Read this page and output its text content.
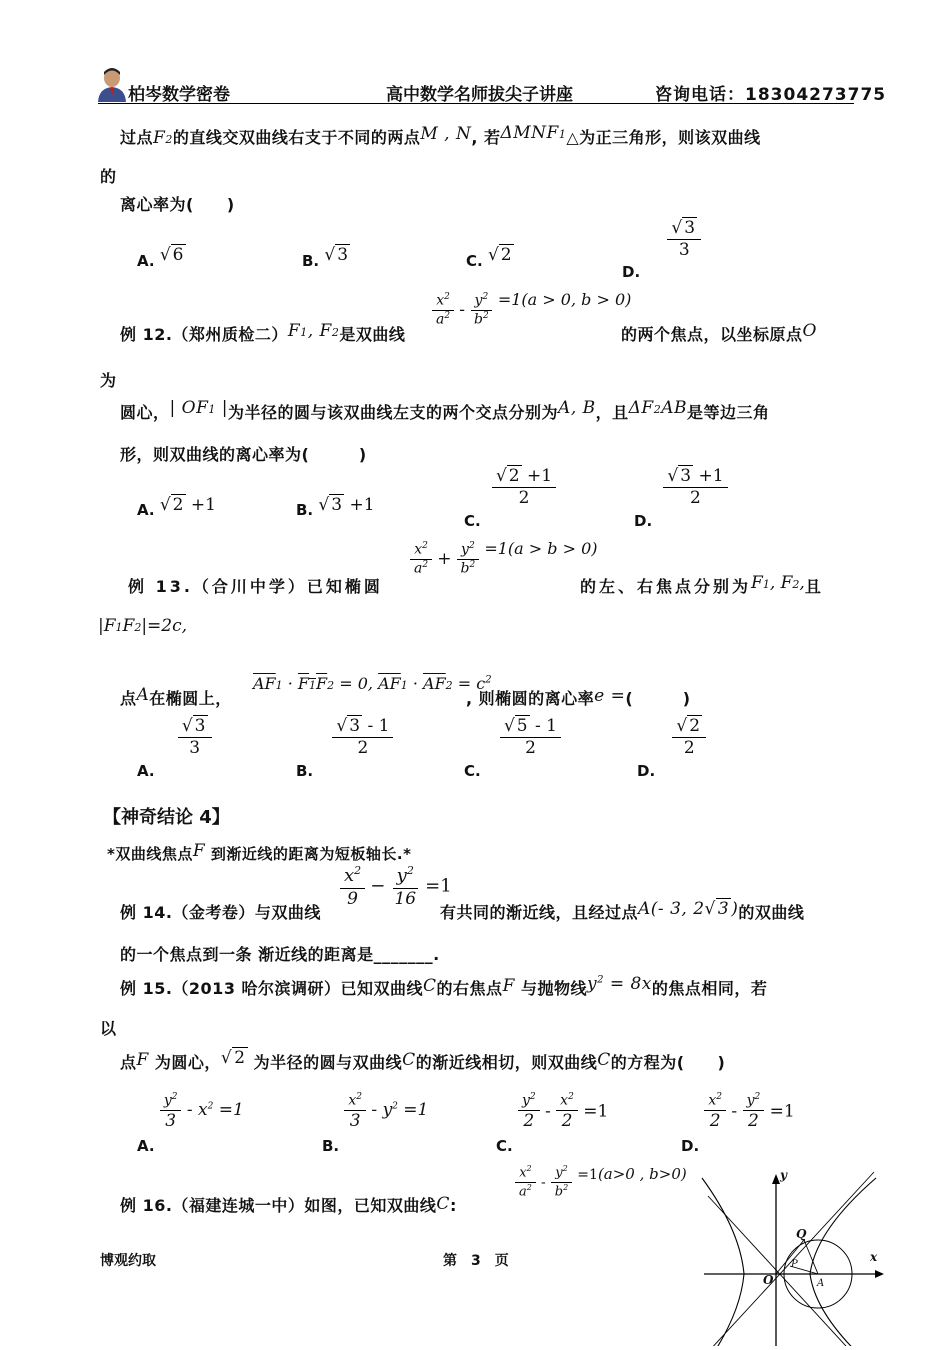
柏岑数学密卷	高中数学名师拔尖子讲座	咨询电话：18304273775
过点F2的直线交双曲线右支于不同的两点M , N, 若ΔMNF$^1$△为正三角形，则该双曲线
的
离心率为(　　)
A. √ 6	B. √ 3	C. √ 2
D.
$\frac{√ 3}{3}$
例 12.（郑州质检二）F1, F2是双曲线
$\frac{x^2}{a^2} - \frac{y^2}{b^2} =1(a > 0$, b > 0)
的两个焦点，以坐标原点O
为
圆心，| OF1 |为半径的圆与该双曲线左支的两个交点分别为A, B，且ΔF2AB是等边三角
形，则双曲线的离心率为(　　　)
A. √ 2 +1	B. √ 3 +1
C.
$\frac{√ 2 +1}{2}$
D.
$\frac{√ 3 +1}{2}$
例 13.（合川中学）已知椭圆
$\frac{x^2}{a^2} + \frac{y^2}{b^2} =1(a > b > 0)$
的左、右焦点分别为F1, F2,且
|F1F2|=2c,
点A在椭圆上，
$\overline{AF}1 \cdot F1F2 = 0$, $\overline{AF}1 \cdot \overline{AF}2 = c^2$
, 则椭圆的离心率e =(　　　)
A.
$\frac{√ 3}{3}$
B.
$\frac{√ 3 - 1}{2}$
C.
$\frac{√ 5 - 1}{2}$
D.
$\frac{√ 2}{2}$
【神奇结论 4】
*双曲线焦点F 到渐近线的距离为短板轴长.*
例 14.（金考卷）与双曲线
$\frac{x^2}{9} - \frac{y^2}{16} =1$
有共同的渐近线，且经过点A(- 3, 2√ 3 )的双曲线
的一个焦点到一条 渐近线的距离是_______.
例 15.（2013 哈尔滨调研）已知双曲线C的右焦点F 与抛物线$y^2 = 8x$的焦点相同，若
以
点F 为圆心，√ 2 为半径的圆与双曲线C的渐近线相切，则双曲线C的方程为(　　)
A.
$\frac{y^2}{3} - x^2 =1$
B.
$\frac{x^2}{3} - y^2 =1$
C.
$\frac{y^2}{2} - \frac{x^2}{2} =1$
D.
$\frac{x^2}{2} - \frac{y^2}{2} =1$
例 16.（福建连城一中）如图，已知双曲线C:
$\frac{x^2}{a^2} - \frac{y^2}{b^2} =1(a>0$ , b>0)	y
x
O
Q
P
A
博观约取	第　3　页
